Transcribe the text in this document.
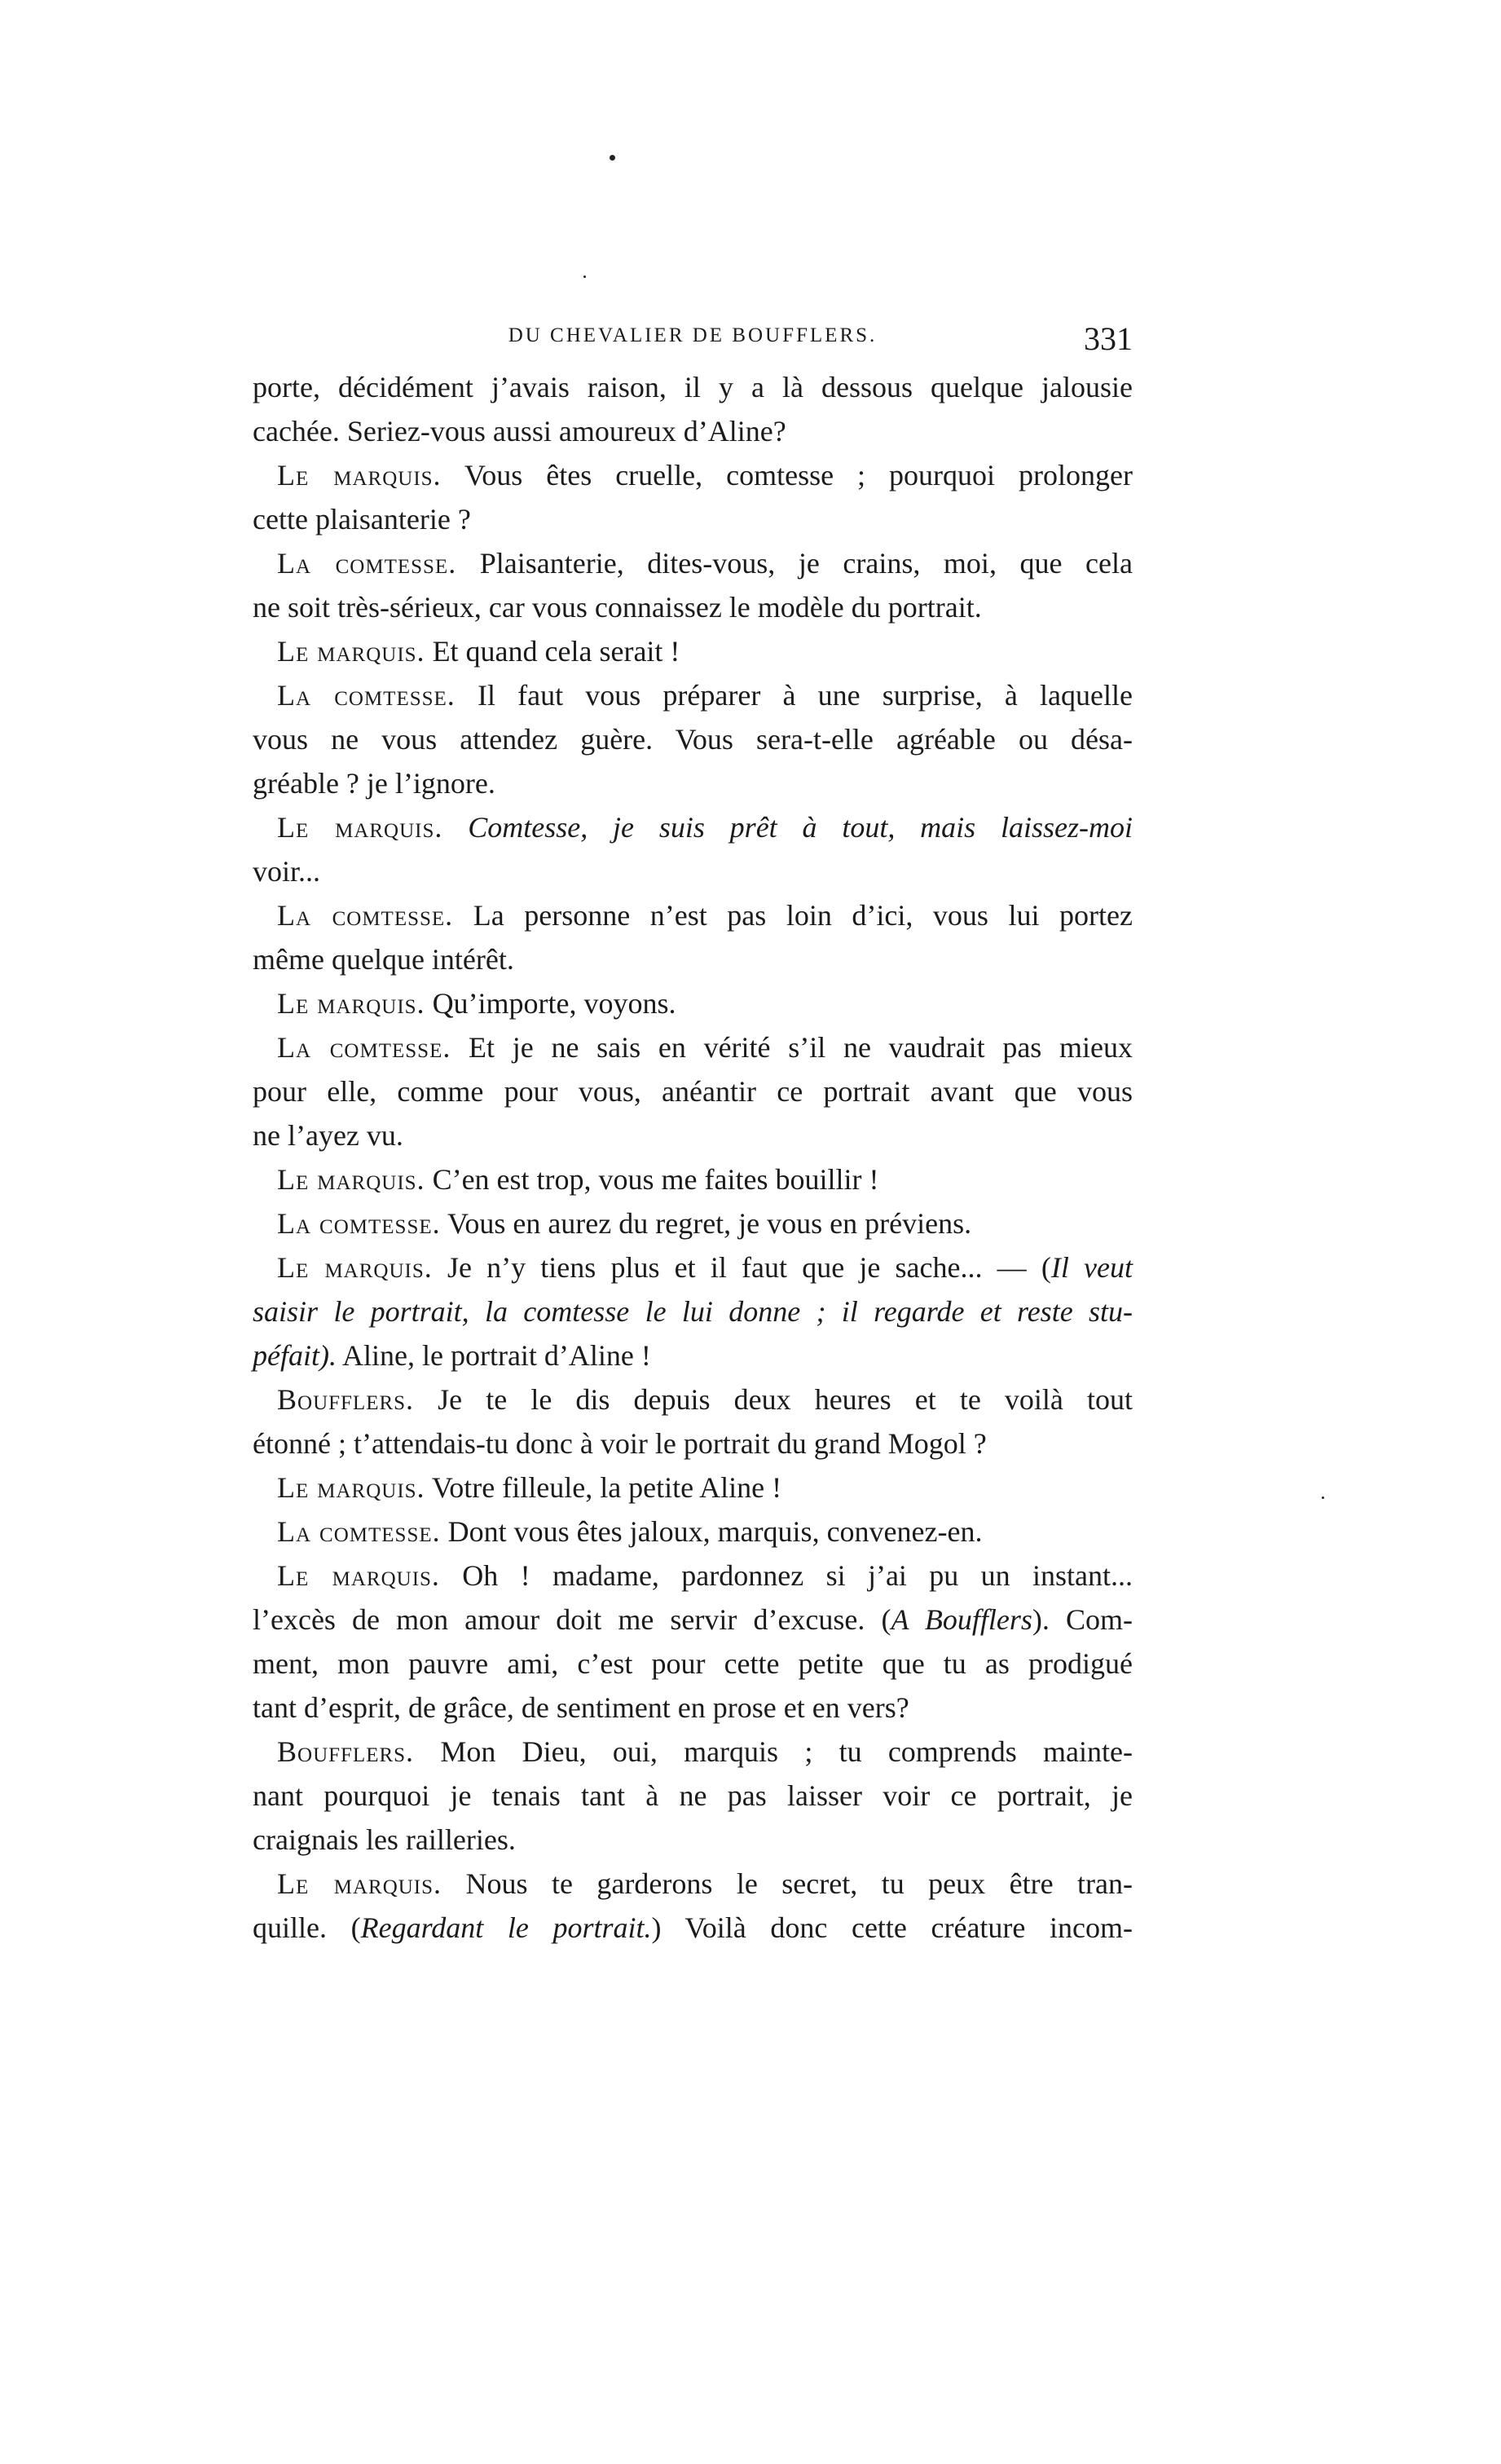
DU CHEVALIER DE BOUFFLERS.	331
porte, décidément j’avais raison, il y a là dessous quelque jalousie
cachée. Seriez-vous aussi amoureux d’Aline?
Le marquis. Vous êtes cruelle, comtesse ; pourquoi prolonger
cette plaisanterie ?
La comtesse. Plaisanterie, dites-vous, je crains, moi, que cela
ne soit très-sérieux, car vous connaissez le modèle du portrait.
Le marquis. Et quand cela serait !
La comtesse. Il faut vous préparer à une surprise, à laquelle
vous ne vous attendez guère. Vous sera-t-elle agréable ou désa-
gréable ? je l’ignore.
Le marquis. Comtesse, je suis prêt à tout, mais laissez-moi
voir...
La comtesse. La personne n’est pas loin d’ici, vous lui portez
même quelque intérêt.
Le marquis. Qu’importe, voyons.
La comtesse. Et je ne sais en vérité s’il ne vaudrait pas mieux
pour elle, comme pour vous, anéantir ce portrait avant que vous
ne l’ayez vu.
Le marquis. C’en est trop, vous me faites bouillir !
La comtesse. Vous en aurez du regret, je vous en préviens.
Le marquis. Je n’y tiens plus et il faut que je sache... — (Il veut
saisir le portrait, la comtesse le lui donne ; il regarde et reste stu-
péfait). Aline, le portrait d’Aline !
Boufflers. Je te le dis depuis deux heures et te voilà tout
étonné ; t’attendais-tu donc à voir le portrait du grand Mogol ?
Le marquis. Votre filleule, la petite Aline !
La comtesse. Dont vous êtes jaloux, marquis, convenez-en.
Le marquis. Oh ! madame, pardonnez si j’ai pu un instant...
l’excès de mon amour doit me servir d’excuse. (A Boufflers). Com-
ment, mon pauvre ami, c’est pour cette petite que tu as prodigué
tant d’esprit, de grâce, de sentiment en prose et en vers?
Boufflers. Mon Dieu, oui, marquis ; tu comprends mainte-
nant pourquoi je tenais tant à ne pas laisser voir ce portrait, je
craignais les railleries.
Le marquis. Nous te garderons le secret, tu peux être tran-
quille. (Regardant le portrait.) Voilà donc cette créature incom-
